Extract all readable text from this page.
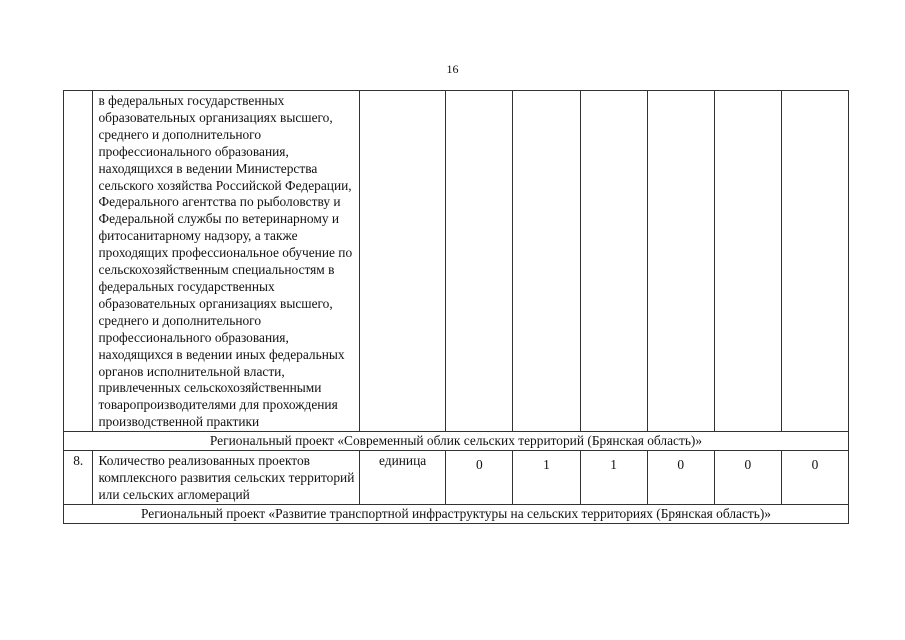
16
	в федеральных государственных образовательных организациях высшего, среднего и дополнительного профессионального образования, находящихся в ведении Министерства сельского хозяйства Российской Федерации, Федерального агентства по рыболовству и Федеральной службы по ветеринарному и фитосанитарному надзору, а также проходящих профессиональное обучение по сельскохозяйственным специальностям в федеральных государственных образовательных организациях высшего, среднего и дополнительного профессионального образования, находящихся в ведении иных федеральных органов исполнительной власти, привлеченных сельскохозяйственными товаропроизводителями для прохождения производственной практики							
Региональный проект «Современный облик сельских территорий (Брянская область)»								
8.	Количество реализованных проектов комплексного развития сельских территорий или сельских агломераций	единица	0	1	1	0	0	0
Региональный проект «Развитие транспортной инфраструктуры на сельских территориях (Брянская область)»								
